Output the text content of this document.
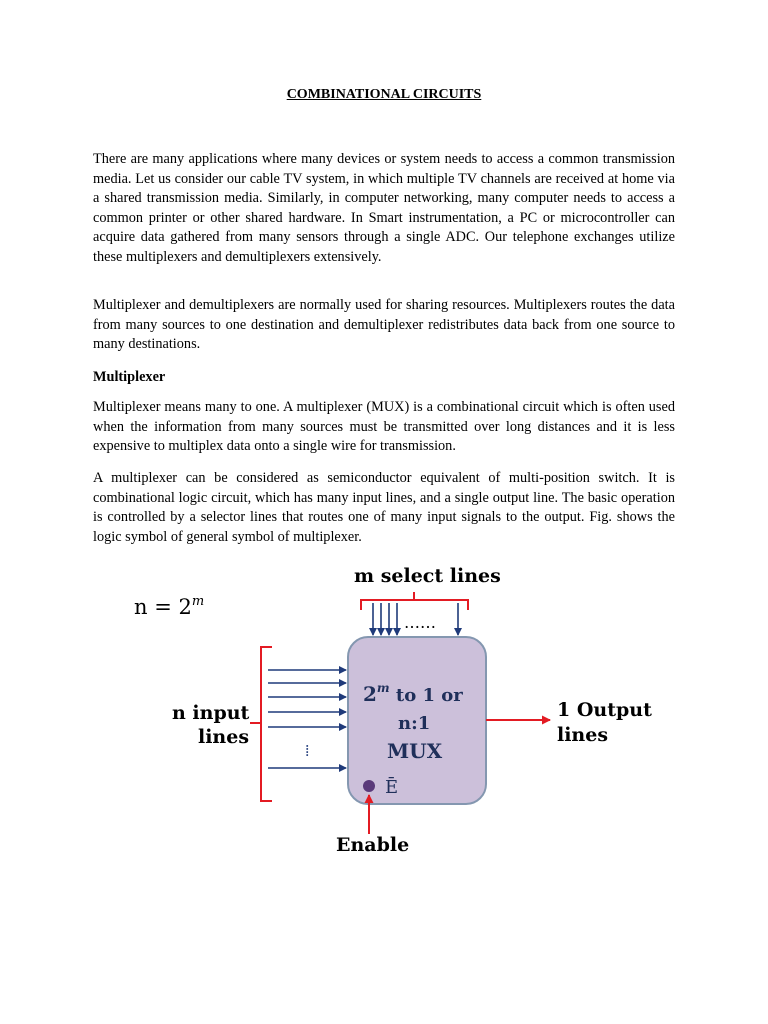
COMBINATIONAL CIRCUITS

There are many applications where many devices or system needs to access a common transmission media. Let us consider our cable TV system, in which multiple TV channels are received at home via a shared transmission media. Similarly, in computer networking, many computer needs to access a common printer or other shared hardware. In Smart instrumentation, a PC or microcontroller can acquire data gathered from many sensors through a single ADC. Our telephone exchanges utilize these multiplexers and demultiplexers extensively.

Multiplexer and demultiplexers are normally used for sharing resources. Multiplexers routes the data from many sources to one destination and demultiplexer redistributes data back from one source to many destinations.

Multiplexer

Multiplexer means many to one. A multiplexer (MUX) is a combinational circuit which is often used when the information from many sources must be transmitted over long distances and it is less expensive to multiplex data onto a single wire for transmission.

A multiplexer can be considered as semiconductor equivalent of multi-position switch. It is combinational logic circuit, which has many input lines, and a single output line. The basic operation is controlled by a selector lines that routes one of many input signals to the output. Fig. shows the logic symbol of general symbol of multiplexer.

$n = 2^m$
m select lines
……
2$^m$ to 1 or
n:1
MUX
Ē
⁞
n input
lines
1 Output
lines
Enable
